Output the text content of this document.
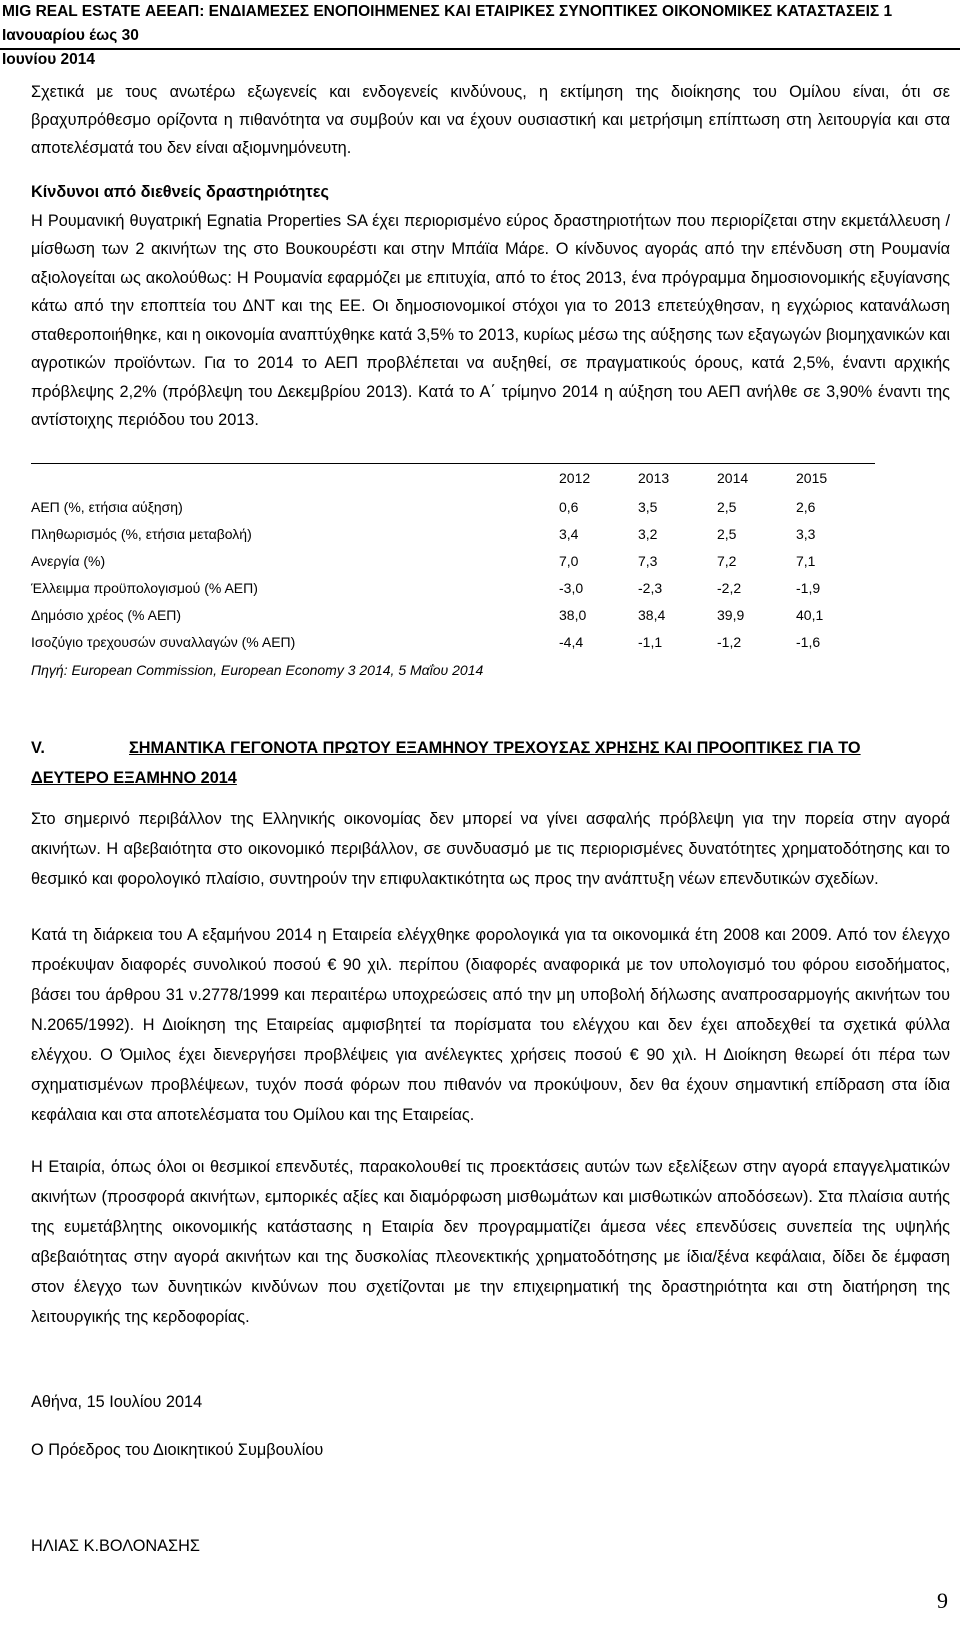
MIG REAL ESTATE ΑΕΕΑΠ: ΕΝΔΙΑΜΕΣΕΣ ΕΝΟΠΟΙΗΜΕΝΕΣ ΚΑΙ ΕΤΑΙΡΙΚΕΣ ΣΥΝΟΠΤΙΚΕΣ ΟΙΚΟΝΟΜΙΚΕΣ ΚΑΤΑΣΤΑΣΕΙΣ 1 Ιανουαρίου έως 30
Ιουνίου 2014

Σχετικά με τους ανωτέρω εξωγενείς και ενδογενείς κινδύνους, η εκτίμηση της διοίκησης του Ομίλου είναι, ότι σε βραχυπρόθεσμο ορίζοντα η πιθανότητα να συμβούν και να έχουν ουσιαστική και μετρήσιμη επίπτωση στη λειτουργία και στα αποτελέσματά του δεν είναι αξιομνημόνευτη.

Κίνδυνοι από διεθνείς δραστηριότητες
Η Ρουμανική θυγατρική Egnatia Properties SA έχει περιορισμένο εύρος δραστηριοτήτων που περιορίζεται στην εκμετάλλευση / μίσθωση των 2 ακινήτων της στο Βουκουρέστι και στην Μπάϊα Μάρε. Ο κίνδυνος αγοράς από την επένδυση στη Ρουμανία αξιολογείται ως ακολούθως: Η Ρουμανία εφαρμόζει με επιτυχία, από το έτος 2013, ένα πρόγραμμα δημοσιονομικής εξυγίανσης κάτω από την εποπτεία του ΔΝΤ και της ΕΕ. Οι δημοσιονομικοί στόχοι για το 2013 επετεύχθησαν, η εγχώριος κατανάλωση σταθεροποιήθηκε, και η οικονομία αναπτύχθηκε κατά 3,5% το 2013, κυρίως μέσω της αύξησης των εξαγωγών βιομηχανικών και αγροτικών προϊόντων. Για το 2014 το ΑΕΠ προβλέπεται να αυξηθεί, σε πραγματικούς όρους, κατά 2,5%, έναντι αρχικής πρόβλεψης 2,2% (πρόβλεψη του Δεκεμβρίου 2013). Κατά το Α΄ τρίμηνο 2014 η αύξηση του ΑΕΠ ανήλθε σε 3,90% έναντι της αντίστοιχης περιόδου του 2013.
	2012	2013	2014	2015
ΑΕΠ (%, ετήσια αύξηση)	0,6	3,5	2,5	2,6
Πληθωρισμός (%, ετήσια μεταβολή)	3,4	3,2	2,5	3,3
Ανεργία (%)	7,0	7,3	7,2	7,1
Έλλειμμα προϋπολογισμού (% ΑΕΠ)	-3,0	-2,3	-2,2	-1,9
Δημόσιο χρέος (% ΑΕΠ)	38,0	38,4	39,9	40,1
Ισοζύγιο τρεχουσών συναλλαγών (% ΑΕΠ)	-4,4	-1,1	-1,2	-1,6
Πηγή: European Commission, European Economy 3 2014, 5 Μαΐου 2014
V.	ΣΗΜΑΝΤΙΚΑ ΓΕΓΟΝΟΤΑ ΠΡΩΤΟΥ ΕΞΑΜΗΝΟΥ ΤΡΕΧΟΥΣΑΣ ΧΡΗΣΗΣ ΚΑΙ ΠΡΟΟΠΤΙΚΕΣ ΓΙΑ ΤΟ
ΔΕΥΤΕΡΟ ΕΞΑΜΗΝΟ 2014

Στο σημερινό περιβάλλον της Ελληνικής οικονομίας δεν μπορεί να γίνει ασφαλής πρόβλεψη για την πορεία στην αγορά ακινήτων. Η αβεβαιότητα στο οικονομικό περιβάλλον, σε συνδυασμό με τις περιορισμένες δυνατότητες χρηματοδότησης και το θεσμικό και φορολογικό πλαίσιο, συντηρούν την επιφυλακτικότητα ως προς την ανάπτυξη νέων επενδυτικών σχεδίων.

Κατά τη διάρκεια του Α εξαμήνου 2014 η Εταιρεία ελέγχθηκε φορολογικά για τα οικονομικά έτη 2008 και 2009. Από τον έλεγχο προέκυψαν διαφορές συνολικού ποσού € 90 χιλ. περίπου (διαφορές αναφορικά με τον υπολογισμό του φόρου εισοδήματος, βάσει του άρθρου 31 ν.2778/1999 και περαιτέρω υποχρεώσεις από την μη υποβολή δήλωσης αναπροσαρμογής ακινήτων του Ν.2065/1992). Η Διοίκηση της Εταιρείας αμφισβητεί τα πορίσματα του ελέγχου και δεν έχει αποδεχθεί τα σχετικά φύλλα ελέγχου. Ο Όμιλος έχει διενεργήσει προβλέψεις για ανέλεγκτες χρήσεις ποσού € 90 χιλ. Η Διοίκηση θεωρεί ότι πέρα των σχηματισμένων προβλέψεων, τυχόν ποσά φόρων που πιθανόν να προκύψουν, δεν θα έχουν σημαντική επίδραση στα ίδια κεφάλαια και στα αποτελέσματα του Ομίλου και της Εταιρείας.

Η Εταιρία, όπως όλοι οι θεσμικοί επενδυτές, παρακολουθεί τις προεκτάσεις αυτών των εξελίξεων στην αγορά επαγγελματικών ακινήτων (προσφορά ακινήτων, εμπορικές αξίες και διαμόρφωση μισθωμάτων και μισθωτικών αποδόσεων). Στα πλαίσια αυτής της ευμετάβλητης οικονομικής κατάστασης η Εταιρία δεν προγραμματίζει άμεσα νέες επενδύσεις συνεπεία της υψηλής αβεβαιότητας στην αγορά ακινήτων και της δυσκολίας πλεονεκτικής χρηματοδότησης με ίδια/ξένα κεφάλαια, δίδει δε έμφαση στον έλεγχο των δυνητικών κινδύνων που σχετίζονται με την επιχειρηματική της δραστηριότητα και στη διατήρηση της λειτουργικής της κερδοφορίας.

Αθήνα, 15 Ιουλίου 2014
Ο Πρόεδρος του Διοικητικού Συμβουλίου
ΗΛΙΑΣ Κ.ΒΟΛΟΝΑΣΗΣ
9
